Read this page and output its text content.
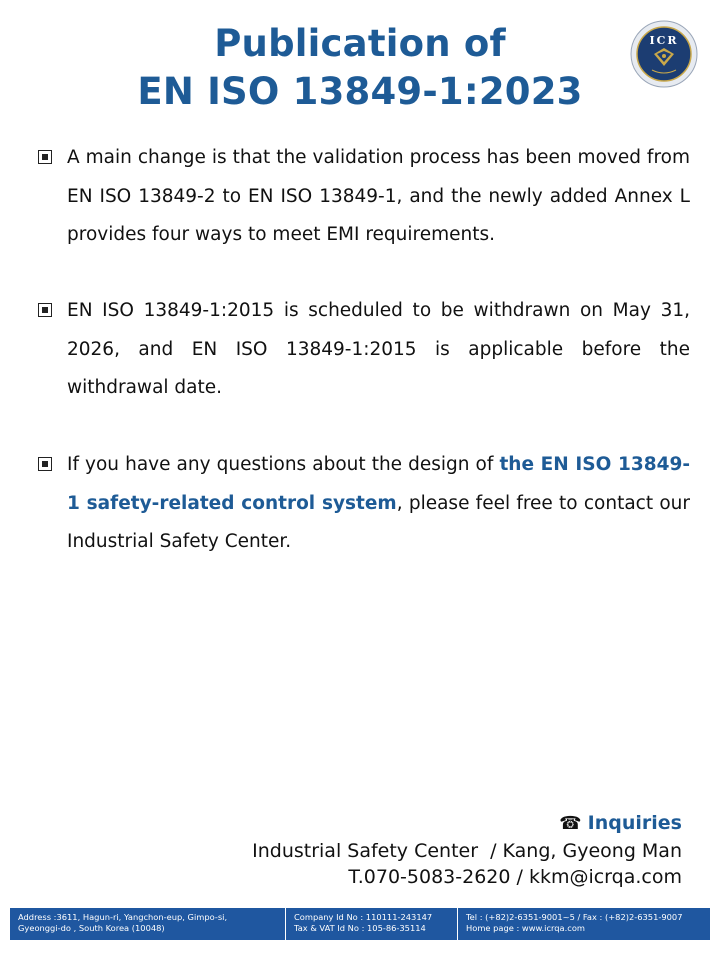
Publication of
EN ISO 13849-1:2023
ICR
A main change is that the validation process has been moved from EN ISO 13849-2 to EN ISO 13849-1, and the newly added Annex L provides four ways to meet EMI requirements.
EN ISO 13849-1:2015 is scheduled to be withdrawn on May 31, 2026, and EN ISO 13849-1:2015 is applicable before the withdrawal date.
If you have any questions about the design of the EN ISO 13849-1 safety-related control system, please feel free to contact our Industrial Safety Center.
☎ Inquiries
Industrial Safety Center  / Kang, Gyeong Man
T.070-5083-2620 / kkm@icrqa.com
Address :3611, Hagun-ri, Yangchon-eup, Gimpo-si,
Gyeonggi-do , South Korea (10048)
Company Id No : 110111-243147
Tax & VAT Id No : 105-86-35114
Tel : (+82)2-6351-9001~5 / Fax : (+82)2-6351-9007
Home page : www.icrqa.com
